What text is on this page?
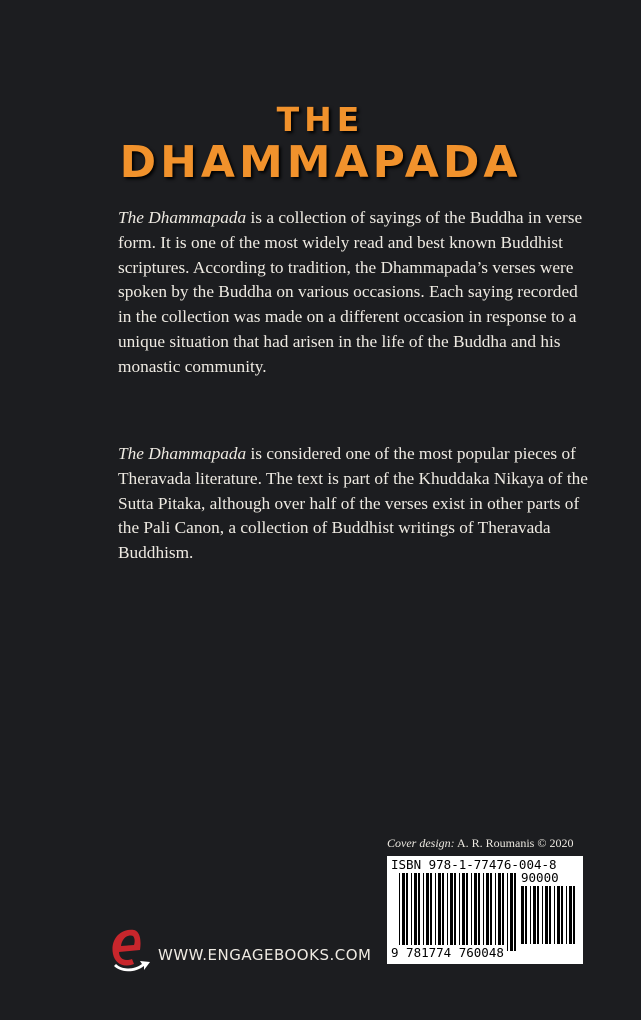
THE
DHAMMAPADA

The Dhammapada is a collection of sayings of the Buddha in verse form. It is one of the most widely read and best known Buddhist scriptures. According to tradition, the Dhammapada’s verses were spoken by the Buddha on various occasions. Each saying recorded in the collection was made on a different occasion in response to a unique situation that had arisen in the life of the Buddha and his monastic community.

The Dhammapada is considered one of the most popular pieces of Theravada literature. The text is part of the Khuddaka Nikaya of the Sutta Pitaka, although over half of the verses exist in other parts of the Pali Canon, a collection of Buddhist writings of Theravada Buddhism.

Cover design: A. R. Roumanis © 2020
ISBN 978-1-77476-004-8
90000
9 781774 760048
WWW.ENGAGEBOOKS.COM
